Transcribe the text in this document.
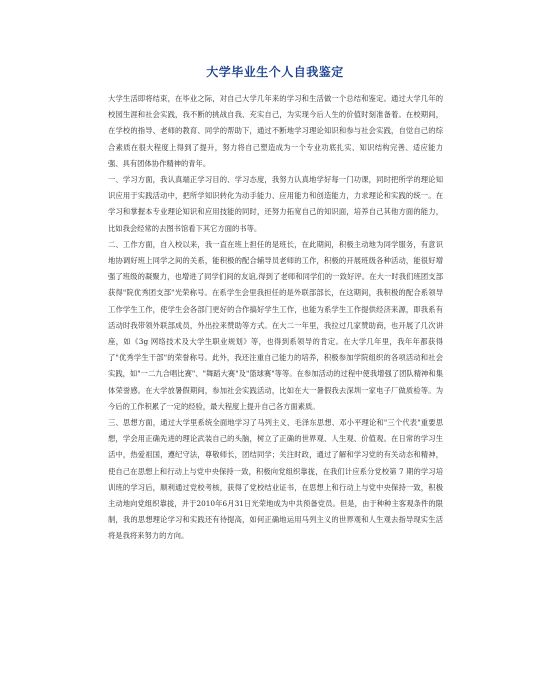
大学毕业生个人自我鉴定

大学生活即将结束，在毕业之际，对自己大学几年来的学习和生活做一个总结和鉴定。通过大学几年的校园生涯和社会实践，我不断的挑战自我、充实自己，为实现今后人生的价值时刻准备着。在校期间，在学校的指导、老师的教育、同学的帮助下，通过不断地学习理论知识和参与社会实践，自觉自己的综合素质在很大程度上得到了提升，努力将自己塑造成为一个专业功底扎实、知识结构完善、适应能力强、具有团体协作精神的青年。

一、学习方面，我认真端正学习目的、学习态度，我努力认真地学好每一门功课，同时把所学的理论知识应用于实践活动中，把所学知识转化为动手能力、应用能力和创造能力，力求理论和实践的统一。在学习和掌握本专业理论知识和应用技能的同时，还努力拓宽自己的知识面，培养自己其他方面的能力，比如我会经常的去图书馆看下其它方面的书等。

二、工作方面，自入校以来，我一直在班上担任的是班长，在此期间，积极主动地为同学服务，有意识地协调好班上同学之间的关系，能积极的配合辅导员老师的工作，积极的开展班级各种活动，能很好增强了班级的凝聚力，也增进了同学们间的友谊,得到了老师和同学们的一致好评。在大一时我们班团支部获得"院优秀团支部"光荣称号。在系学生会里我担任的是外联部部长，在这期间，我积极的配合系领导工作学生工作，使学生会各部门更好的合作搞好学生工作，也能为系学生工作提供经济来源，即我系有活动时我带领外联部成员，外出拉来赞助等方式。在大二一年里，我拉过几家赞助商，也开展了几次讲座，如《3g 网络技术及大学生职业规划》等，也得到系领导的肯定。在大学几年里，我年年都获得了"优秀学生干部"的荣誉称号。此外，我还注重自己能力的培养，积极参加学院组织的各项活动和社会实践，如"一二九合唱比赛"、"舞蹈大赛"及"篮球赛"等等。在参加活动的过程中使我增强了团队精神和集体荣誉感。在大学放暑假期间，参加社会实践活动，比如在大一暑假我去深圳一家电子厂做质检等。为今后的工作积累了一定的经验，最大程度上提升自己各方面素质。

三、思想方面，通过大学里系统全面地学习了马列主义、毛泽东思想、邓小平理论和"三个代表"重要思想，学会用正确先进的理论武装自己的头脑，树立了正确的世界观、人生观、价值观。在日常的学习生活中，热爱祖国，遵纪守法，尊敬师长，团结同学；关注时政，通过了解和学习党的有关动态和精神，使自己在思想上和行动上与党中央保持一致，积极向党组织靠拢，在我们计应系分党校第 7 期的学习培训班的学习后，顺利通过党校考核，获得了党校结业证书，在思想上和行动上与党中央保持一致，积极主动地向党组织靠拢，并于2010年6月31日光荣地成为中共预备党员。但是，由于种种主客观条件的限制，我的思想理论学习和实践还有待提高，如何正确地运用马列主义的世界观和人生观去指导现实生活将是我将来努力的方向。
